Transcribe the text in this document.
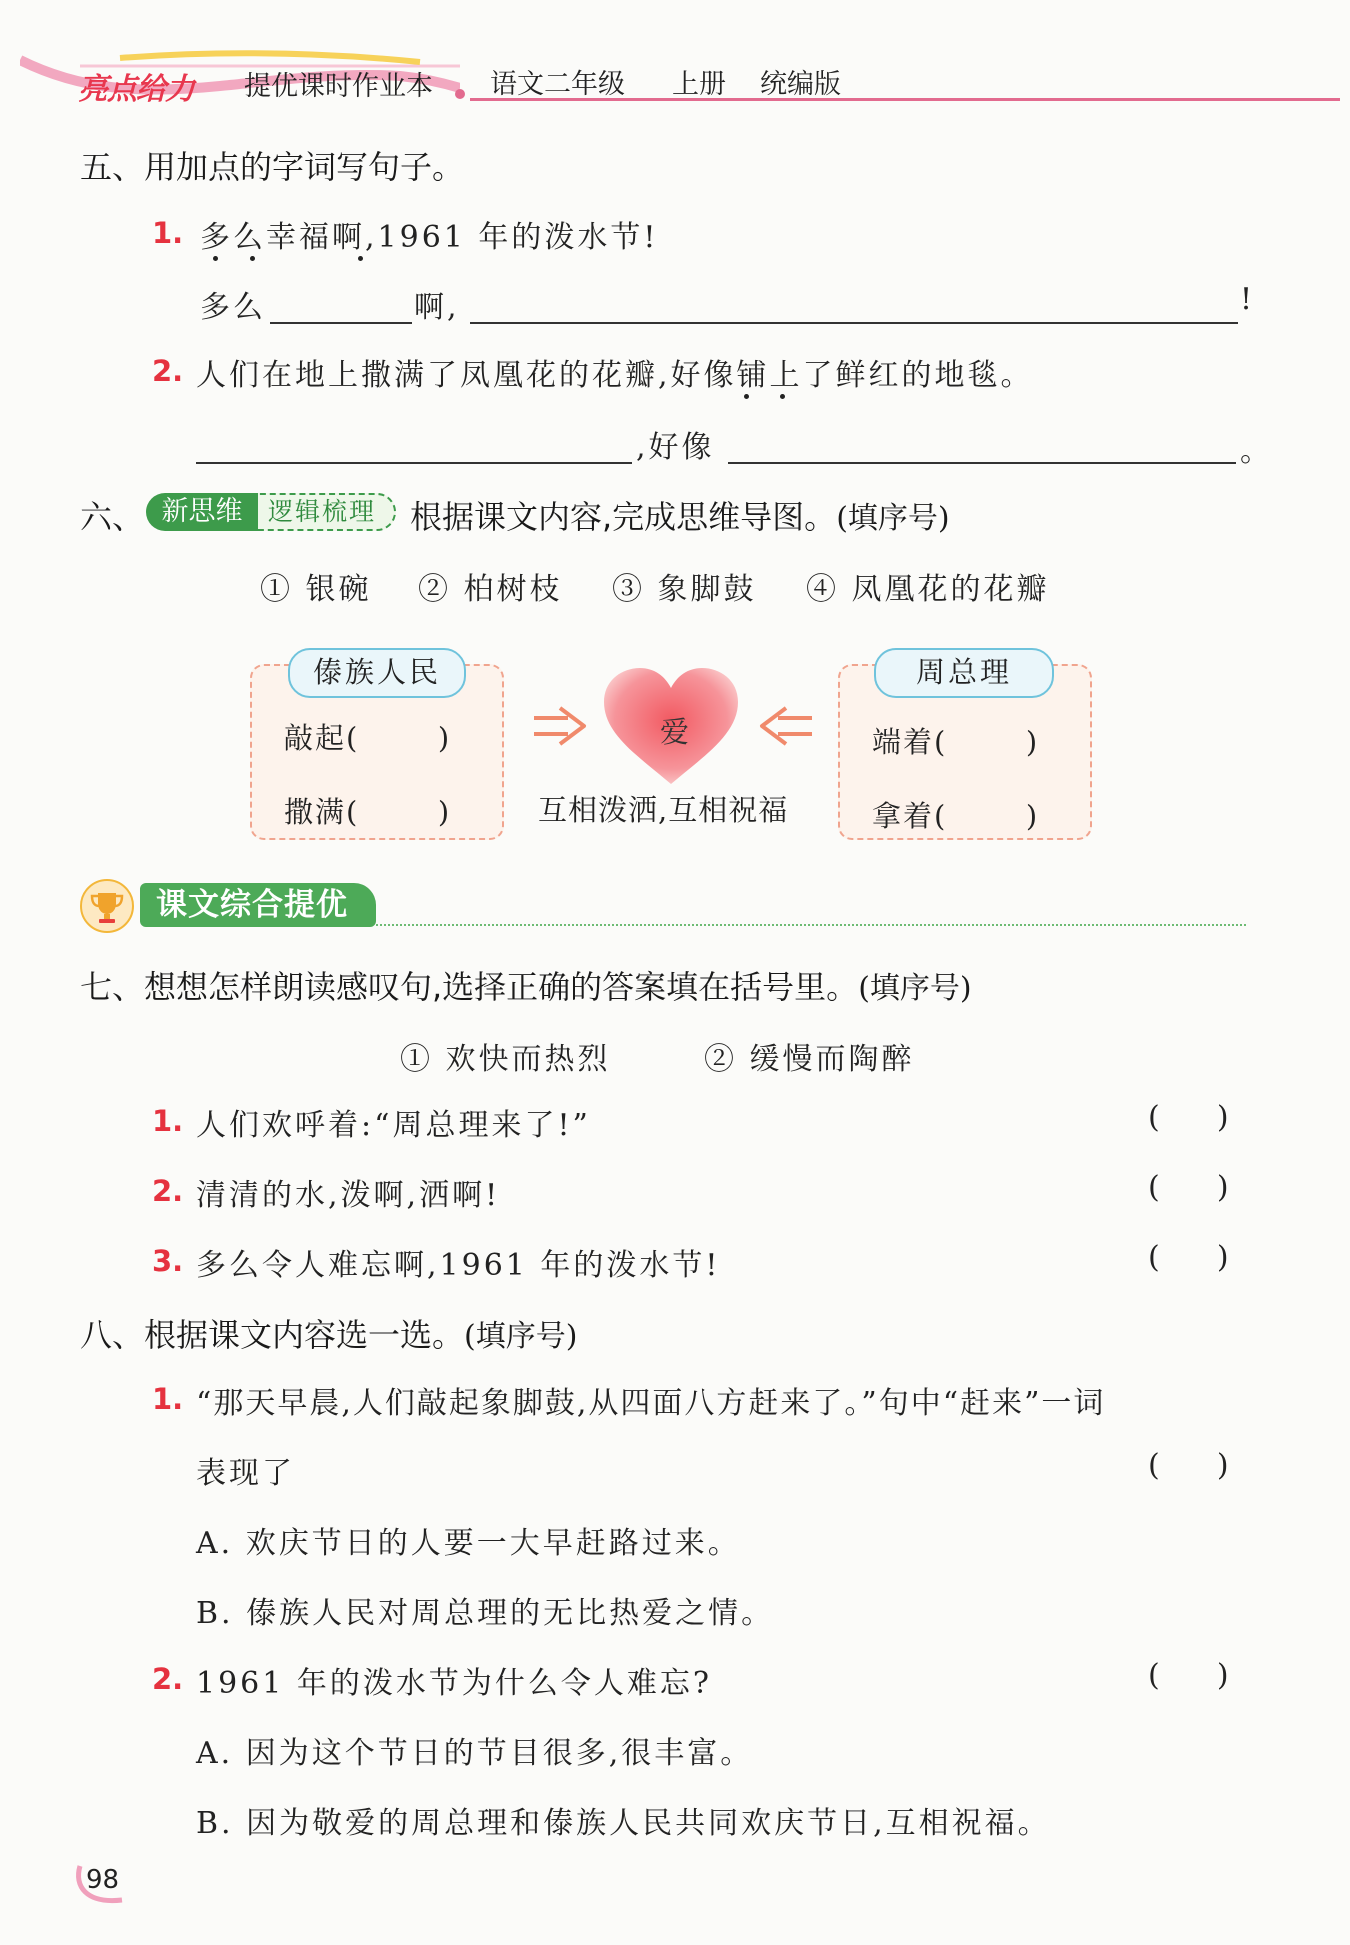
亮点给力 提优课时作业本 语文二年级 上册 统编版
五、用加点的字词写句子。
1. 多么幸福啊,1961 年的泼水节!
多么	啊,	!
2. 人们在地上撒满了凤凰花的花瓣,好像铺上了鲜红的地毯。
,好像	。
六、	逻辑梳理
新思维	根据课文内容,完成思维导图。(填序号)
① 银碗 ② 柏树枝 ③ 象脚鼓 ④ 凤凰花的花瓣
傣族人民
敲起(       )
撒满(       )
爱
互相泼洒,互相祝福
周总理
端着(       )
拿着(       )
课文综合提优
七、想想怎样朗读感叹句,选择正确的答案填在括号里。(填序号)
① 欢快而热烈	② 缓慢而陶醉
1. 人们欢呼着:“周总理来了!”	(      )
2. 清清的水,泼啊,洒啊!	(      )
3. 多么令人难忘啊,1961 年的泼水节!	(      )
八、根据课文内容选一选。(填序号)
1. “那天早晨,人们敲起象脚鼓,从四面八方赶来了。”句中“赶来”一词
表现了	(      )
A. 欢庆节日的人要一大早赶路过来。
B. 傣族人民对周总理的无比热爱之情。
2. 1961 年的泼水节为什么令人难忘?	(      )
A. 因为这个节日的节目很多,很丰富。
B. 因为敬爱的周总理和傣族人民共同欢庆节日,互相祝福。
98
